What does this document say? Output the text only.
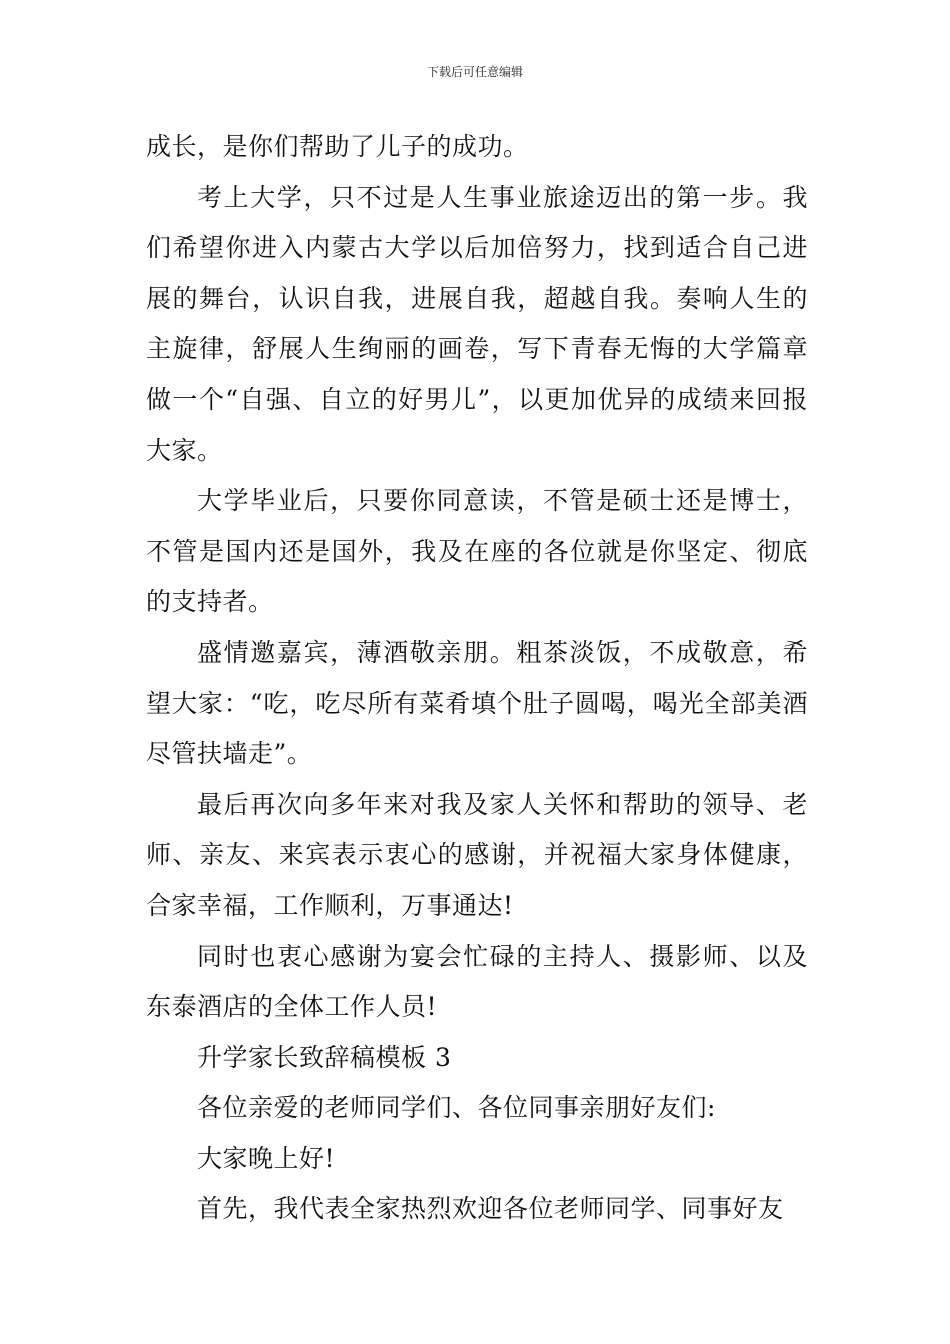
下载后可任意编辑

成长，是你们帮助了儿子的成功。

考上大学，只不过是人生事业旅途迈出的第一步。我们希望你进入内蒙古大学以后加倍努力，找到适合自己进展的舞台，认识自我，进展自我，超越自我。奏响人生的主旋律，舒展人生绚丽的画卷，写下青春无悔的大学篇章做一个“自强、自立的好男儿”，以更加优异的成绩来回报大家。

大学毕业后，只要你同意读，不管是硕士还是博士，不管是国内还是国外，我及在座的各位就是你坚定、彻底的支持者。

盛情邀嘉宾，薄酒敬亲朋。粗茶淡饭，不成敬意，希望大家：“吃，吃尽所有菜肴填个肚子圆喝，喝光全部美酒尽管扶墙走”。

最后再次向多年来对我及家人关怀和帮助的领导、老师、亲友、来宾表示衷心的感谢，并祝福大家身体健康，合家幸福，工作顺利，万事通达!

同时也衷心感谢为宴会忙碌的主持人、摄影师、以及东泰酒店的全体工作人员!

升学家长致辞稿模板 3

各位亲爱的老师同学们、各位同事亲朋好友们:

大家晚上好!

首先，我代表全家热烈欢迎各位老师同学、同事好友
